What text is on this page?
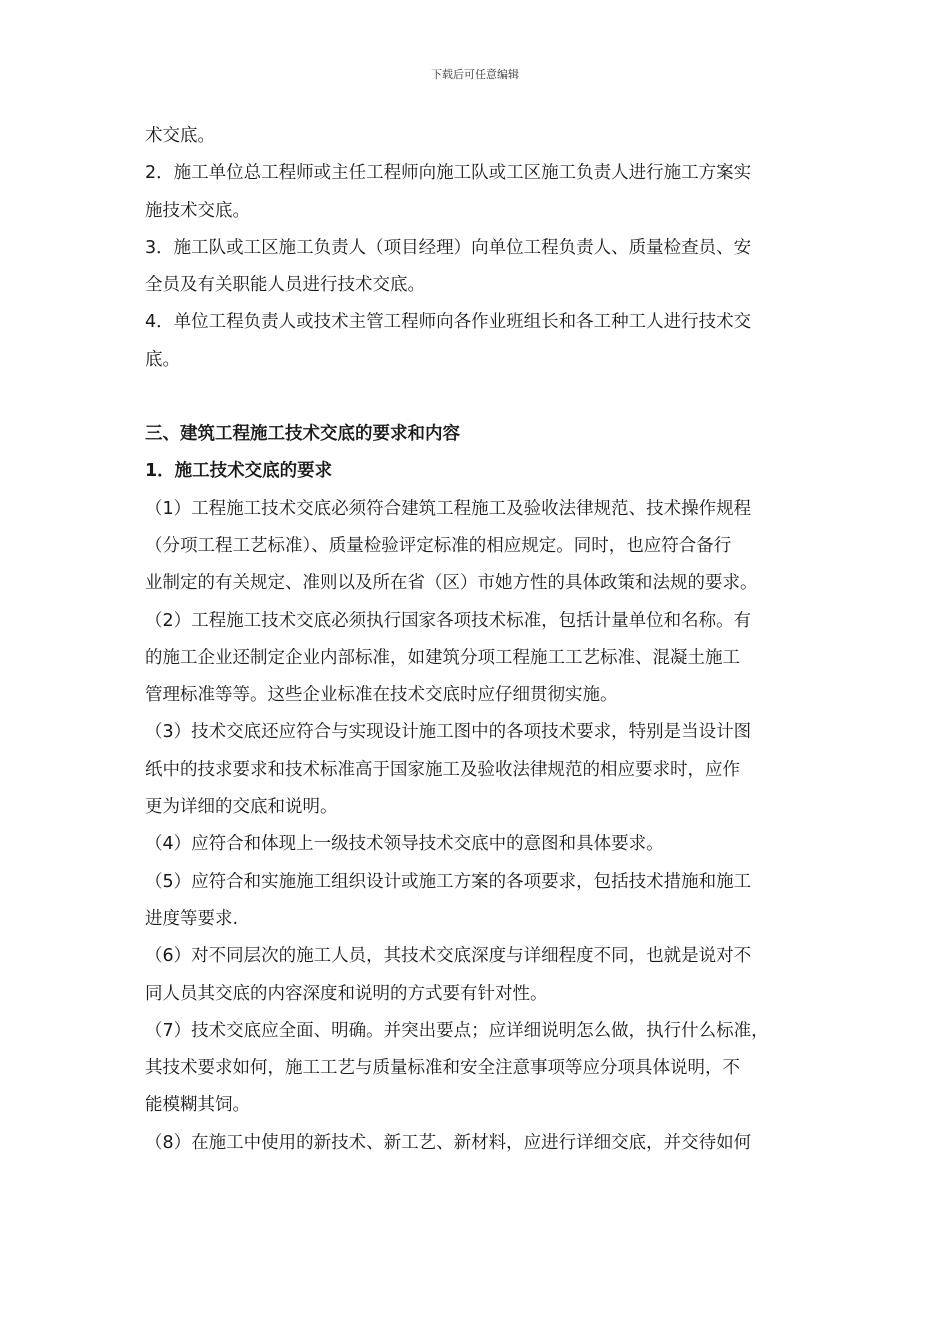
下载后可任意编辑
术交底。
2．施工单位总工程师或主任工程师向施工队或工区施工负责人进行施工方案实
施技术交底。
3．施工队或工区施工负责人（项目经理）向单位工程负责人、质量检查员、安
全员及有关职能人员进行技术交底。
4．单位工程负责人或技术主管工程师向各作业班组长和各工种工人进行技术交
底。
三、建筑工程施工技术交底的要求和内容
1．施工技术交底的要求
（1）工程施工技术交底必须符合建筑工程施工及验收法律规范、技术操作规程
（分项工程工艺标准）、质量检验评定标准的相应规定。同时，也应符合备行
业制定的有关规定、准则以及所在省（区）市她方性的具体政策和法规的要求。
（2）工程施工技术交底必须执行国家各项技术标准，包括计量单位和名称。有
的施工企业还制定企业内部标准，如建筑分项工程施工工艺标准、混凝土施工
管理标准等等。这些企业标准在技术交底时应仔细贯彻实施。
（3）技术交底还应符合与实现设计施工图中的各项技术要求，特别是当设计图
纸中的技求要求和技术标准高于国家施工及验收法律规范的相应要求时，应作
更为详细的交底和说明。
（4）应符合和体现上一级技术领导技术交底中的意图和具体要求。
（5）应符合和实施施工组织设计或施工方案的各项要求，包括技术措施和施工
进度等要求.
（6）对不同层次的施工人员，其技术交底深度与详细程度不同，也就是说对不
同人员其交底的内容深度和说明的方式要有针对性。
（7）技术交底应全面、明确。并突出要点；应详细说明怎么做，执行什么标准，
其技术要求如何，施工工艺与质量标准和安全注意事项等应分项具体说明，不
能模糊其饲。
（8）在施工中使用的新技术、新工艺、新材料，应进行详细交底，并交待如何
